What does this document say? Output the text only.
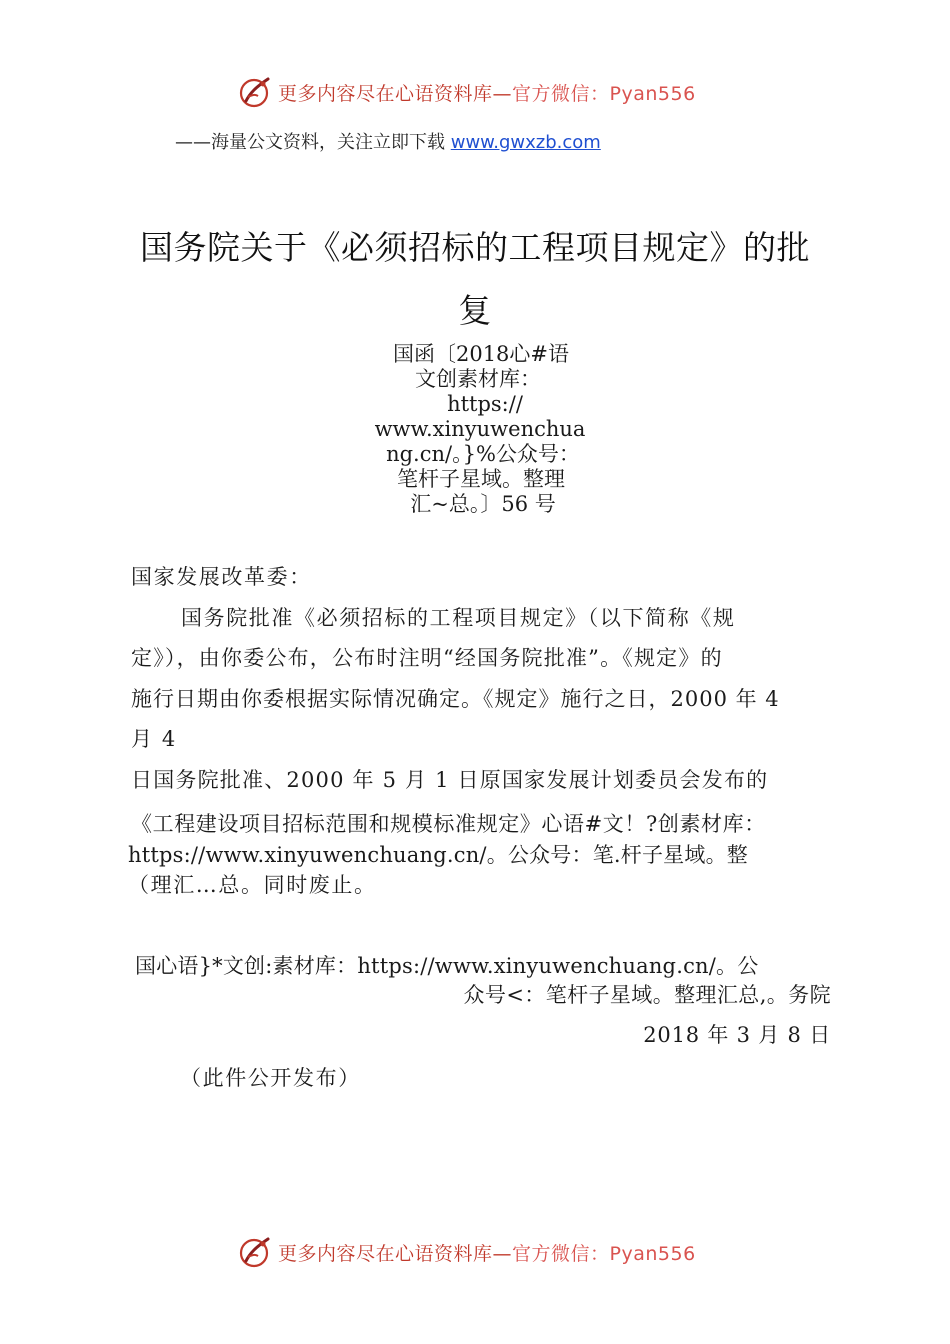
更多内容尽在心语资料库—官方微信：Pyan556
——海量公文资料，关注立即下载 www.gwxzb.com
国务院关于《必须招标的工程项目规定》的批
复
国函〔2018心#语
文创素材库：
https://
www.xinyuwenchua
ng.cn/。}%公众号：
笔杆子星域。整理
汇~总。〕56 号
国家发展改革委：
国务院批准《必须招标的工程项目规定》（以下简称《规
定》），由你委公布，公布时注明“经国务院批准”。《规定》的
施行日期由你委根据实际情况确定。《规定》施行之日，2000 年 4
月 4
日国务院批准、2000 年 5 月 1 日原国家发展计划委员会发布的
《工程建设项目招标范围和规模标准规定》心语#文！?创素材库：
https://www.xinyuwenchuang.cn/。公众号：笔.杆子星域。整
（理汇…总。同时废止。
国心语}*文创:素材库：https://www.xinyuwenchuang.cn/。公
众号<：笔杆子星域。整理汇总,。务院
2018 年 3 月 8 日
（此件公开发布）
更多内容尽在心语资料库—官方微信：Pyan556
